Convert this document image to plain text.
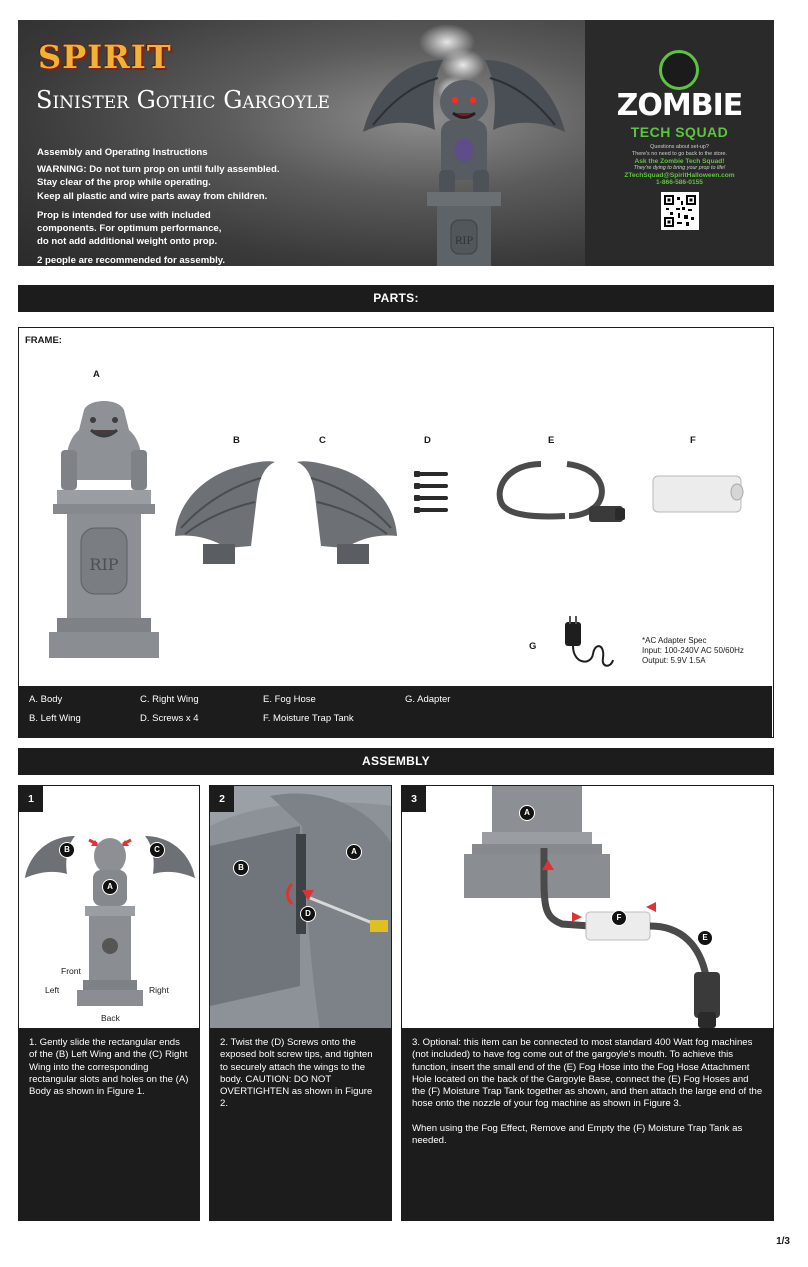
SPIRIT
Sinister Gothic Gargoyle

Assembly and Operating Instructions

WARNING: Do not turn prop on until fully assembled.
Stay clear of the prop while operating.
Keep all plastic and wire parts away from children.

Prop is intended for use with included
components. For optimum performance,
do not add additional weight onto prop.

2 people are recommended for assembly.

RIP
ZOMBIE
TECH SQUAD
Questions about set-up?
There's no need to go back to the store.
Ask the Zombie Tech Squad!
They're dying to bring your prop to life!
ZTechSquad@SpiritHalloween.com
1-866-586-0155
PARTS:
FRAME:
A
RIP
B	C	D	E	F
G
*AC Adapter Spec
Input: 100-240V AC 50/60Hz
Output: 5.9V 1.5A
A. Body
B. Left Wing
C. Right Wing
D. Screws x 4
E. Fog Hose
F. Moisture Trap Tank
G. Adapter
ASSEMBLY
1
B	C
A
Front
Left	Right
Back

1. Gently slide the rectangular ends of the (B) Left Wing and the (C) Right Wing into the corresponding rectangular slots and holes on the (A) Body as shown in Figure 1.

2
B
A
D

2. Twist the (D) Screws onto the exposed bolt screw tips, and tighten to securely attach the wings to the body. CAUTION: DO NOT OVERTIGHTEN as shown in Figure 2.

3
A
F
E

3. Optional: this item can be connected to most standard 400 Watt fog machines (not included) to have fog come out of the gargoyle's mouth. To achieve this function, insert the small end of the (E) Fog Hose into the Fog Hose Attachment Hole located on the back of the Gargoyle Base, connect the (E) Fog Hoses and the (F) Moisture Trap Tank together as shown, and then attach the large end of the hose onto the nozzle of your fog machine as shown in Figure 3.

When using the Fog Effect, Remove and Empty the (F) Moisture Trap Tank as needed.

1/3
